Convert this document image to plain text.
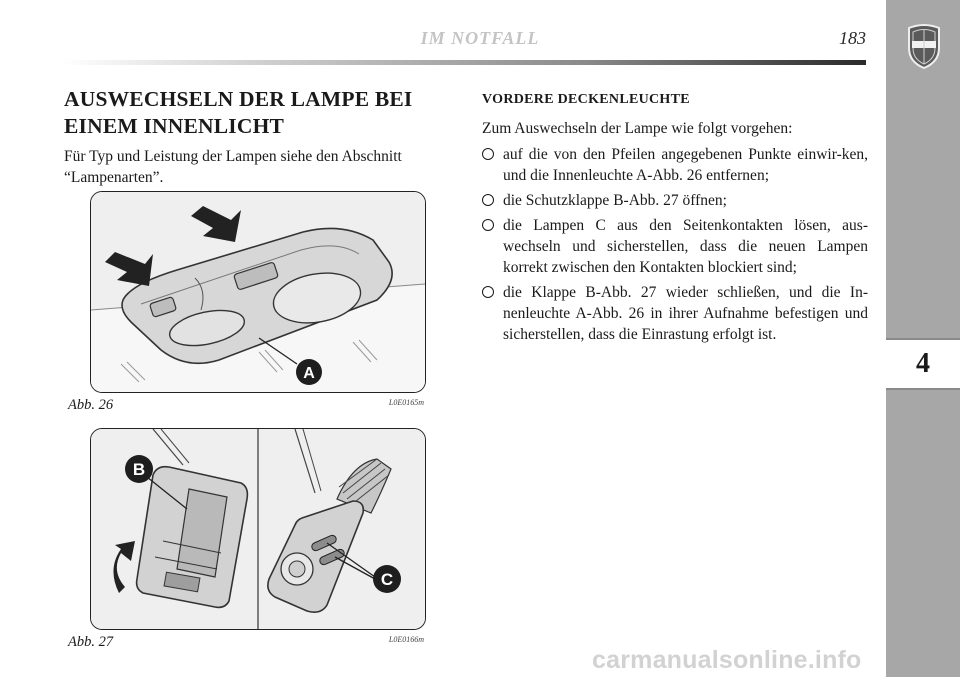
IM NOTFALL	183
4
AUSWECHSELN DER LAMPE BEI
EINEM INNENLICHT
Für Typ und Leistung der Lampen siehe den Abschnitt “Lampenarten”.
A
Abb. 26	L0E0165m
B
C
Abb. 27	L0E0166m
VORDERE DECKENLEUCHTE
Zum Auswechseln der Lampe wie folgt vorgehen:
auf die von den Pfeilen angegebenen Punkte einwir-ken, und die Innenleuchte A-Abb. 26 entfernen;
die Schutzklappe B-Abb. 27 öffnen;
die Lampen C aus den Seitenkontakten lösen, aus-wechseln und sicherstellen, dass die neuen Lampen korrekt zwischen den Kontakten blockiert sind;
die Klappe B-Abb. 27 wieder schließen, und die In-nenleuchte A-Abb. 26 in ihrer Aufnahme befestigen und sicherstellen, dass die Einrastung erfolgt ist.
carmanualsonline.info
